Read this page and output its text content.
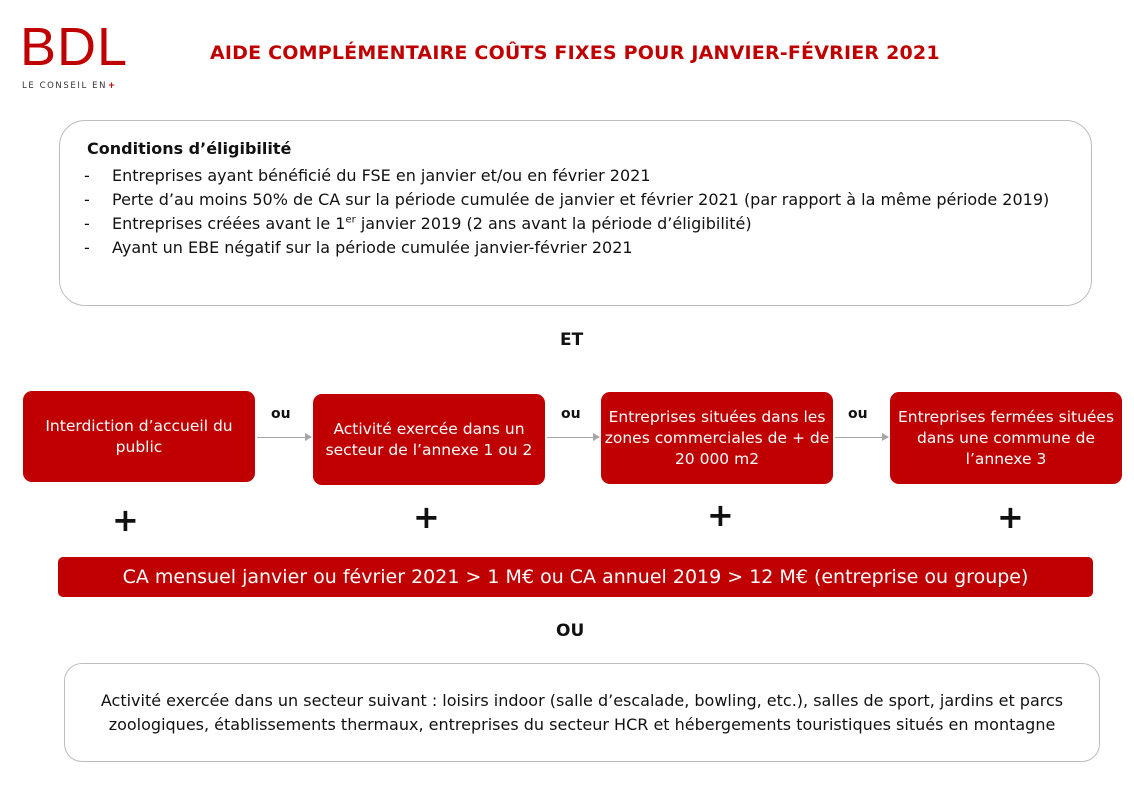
BDL
LE CONSEIL EN+
AIDE COMPLÉMENTAIRE COÛTS FIXES POUR JANVIER-FÉVRIER 2021
Conditions d’éligibilité
- Entreprises ayant bénéficié du FSE en janvier et/ou en février 2021
- Perte d’au moins 50% de CA sur la période cumulée de janvier et février 2021 (par rapport à la même période 2019)
- Entreprises créées avant le 1er janvier 2019 (2 ans avant la période d’éligibilité)
- Ayant un EBE négatif sur la période cumulée janvier-février 2021
ET
Interdiction d’accueil du public
Activité exercée dans un secteur de l’annexe 1 ou 2
Entreprises situées dans les zones commerciales de + de 20 000 m2
Entreprises fermées situées dans une commune de l’annexe 3
ou	ou	ou
+	+	+	+
CA mensuel janvier ou février 2021 > 1 M€ ou CA annuel 2019 > 12 M€ (entreprise ou groupe)
OU
Activité exercée dans un secteur suivant : loisirs indoor (salle d’escalade, bowling, etc.), salles de sport, jardins et parcs zoologiques, établissements thermaux, entreprises du secteur HCR et hébergements touristiques situés en montagne
